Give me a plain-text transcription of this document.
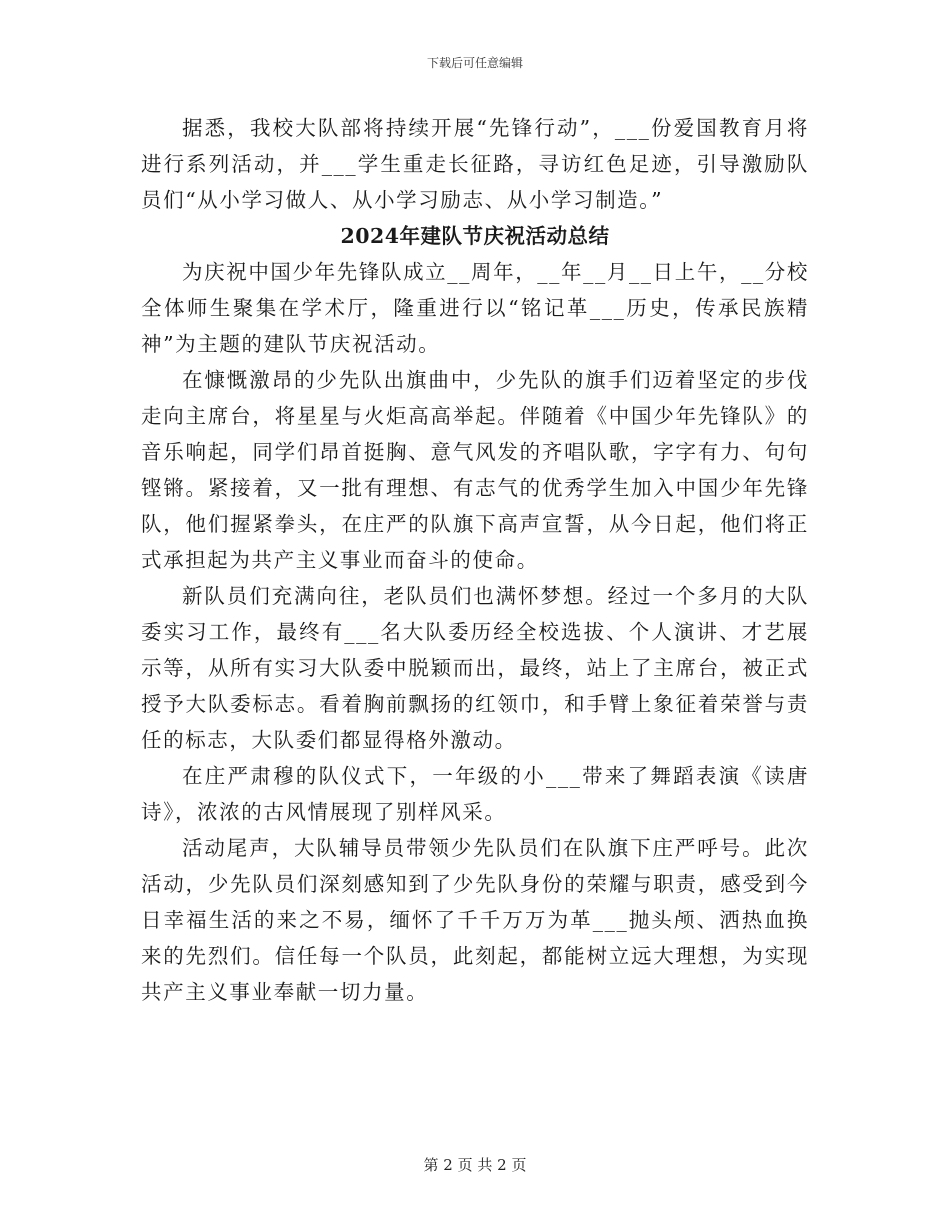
下载后可任意编辑

据悉，我校大队部将持续开展“先锋行动”，___份爱国教育月将进行系列活动，并___学生重走长征路，寻访红色足迹，引导激励队员们“从小学习做人、从小学习励志、从小学习制造。”

2024年建队节庆祝活动总结

为庆祝中国少年先锋队成立__周年，__年__月__日上午，__分校全体师生聚集在学术厅，隆重进行以“铭记革___历史，传承民族精神”为主题的建队节庆祝活动。

在慷慨激昂的少先队出旗曲中，少先队的旗手们迈着坚定的步伐走向主席台，将星星与火炬高高举起。伴随着《中国少年先锋队》的音乐响起，同学们昂首挺胸、意气风发的齐唱队歌，字字有力、句句铿锵。紧接着，又一批有理想、有志气的优秀学生加入中国少年先锋队，他们握紧拳头，在庄严的队旗下高声宣誓，从今日起，他们将正式承担起为共产主义事业而奋斗的使命。

新队员们充满向往，老队员们也满怀梦想。经过一个多月的大队委实习工作，最终有___名大队委历经全校选拔、个人演讲、才艺展示等，从所有实习大队委中脱颖而出，最终，站上了主席台，被正式授予大队委标志。看着胸前飘扬的红领巾，和手臂上象征着荣誉与责任的标志，大队委们都显得格外激动。

在庄严肃穆的队仪式下，一年级的小___带来了舞蹈表演《读唐诗》，浓浓的古风情展现了别样风采。

活动尾声，大队辅导员带领少先队员们在队旗下庄严呼号。此次活动，少先队员们深刻感知到了少先队身份的荣耀与职责，感受到今日幸福生活的来之不易，缅怀了千千万万为革___抛头颅、洒热血换来的先烈们。信任每一个队员，此刻起，都能树立远大理想，为实现共产主义事业奉献一切力量。

第 2 页 共 2 页
